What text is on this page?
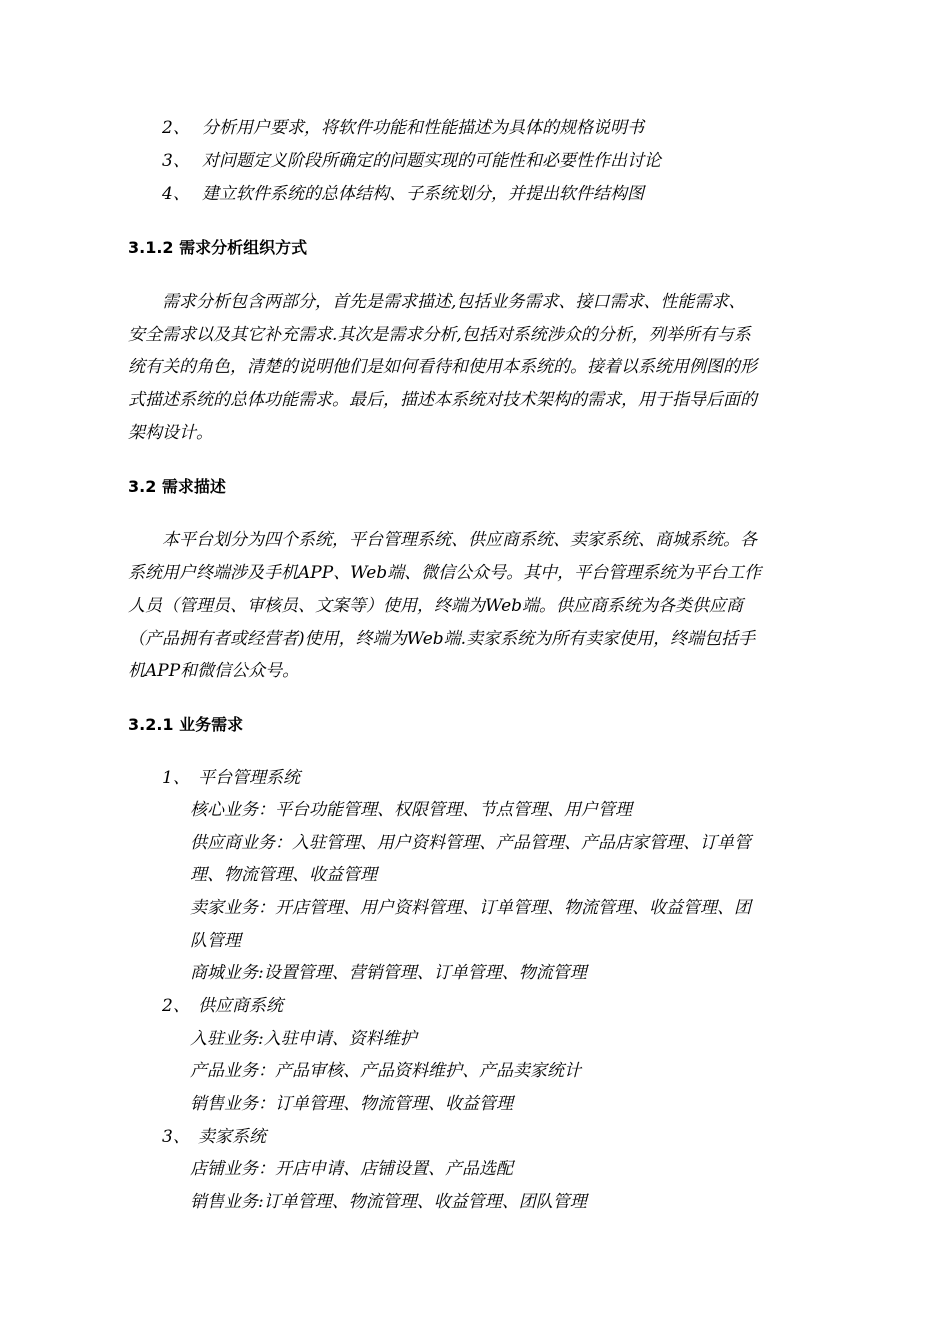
2、 分析用户要求，将软件功能和性能描述为具体的规格说明书
3、 对问题定义阶段所确定的问题实现的可能性和必要性作出讨论
4、 建立软件系统的总体结构、子系统划分，并提出软件结构图
3.1.2 需求分析组织方式
需求分析包含两部分，首先是需求描述,包括业务需求、接口需求、性能需求、
安全需求以及其它补充需求.其次是需求分析,包括对系统涉众的分析，列举所有与系
统有关的角色，清楚的说明他们是如何看待和使用本系统的。接着以系统用例图的形
式描述系统的总体功能需求。最后，描述本系统对技术架构的需求，用于指导后面的
架构设计。
3.2 需求描述
本平台划分为四个系统，平台管理系统、供应商系统、卖家系统、商城系统。各
系统用户终端涉及手机APP、Web端、微信公众号。其中，平台管理系统为平台工作
人员（管理员、审核员、文案等）使用，终端为Web端。供应商系统为各类供应商
（产品拥有者或经营者)使用，终端为Web端.卖家系统为所有卖家使用，终端包括手
机APP和微信公众号。
3.2.1 业务需求
1、 平台管理系统
核心业务：平台功能管理、权限管理、节点管理、用户管理
供应商业务：入驻管理、用户资料管理、产品管理、产品店家管理、订单管
理、物流管理、收益管理
卖家业务：开店管理、用户资料管理、订单管理、物流管理、收益管理、团
队管理
商城业务:设置管理、营销管理、订单管理、物流管理
2、 供应商系统
入驻业务:入驻申请、资料维护
产品业务：产品审核、产品资料维护、产品卖家统计
销售业务：订单管理、物流管理、收益管理
3、 卖家系统
店铺业务：开店申请、店铺设置、产品选配
销售业务:订单管理、物流管理、收益管理、团队管理
